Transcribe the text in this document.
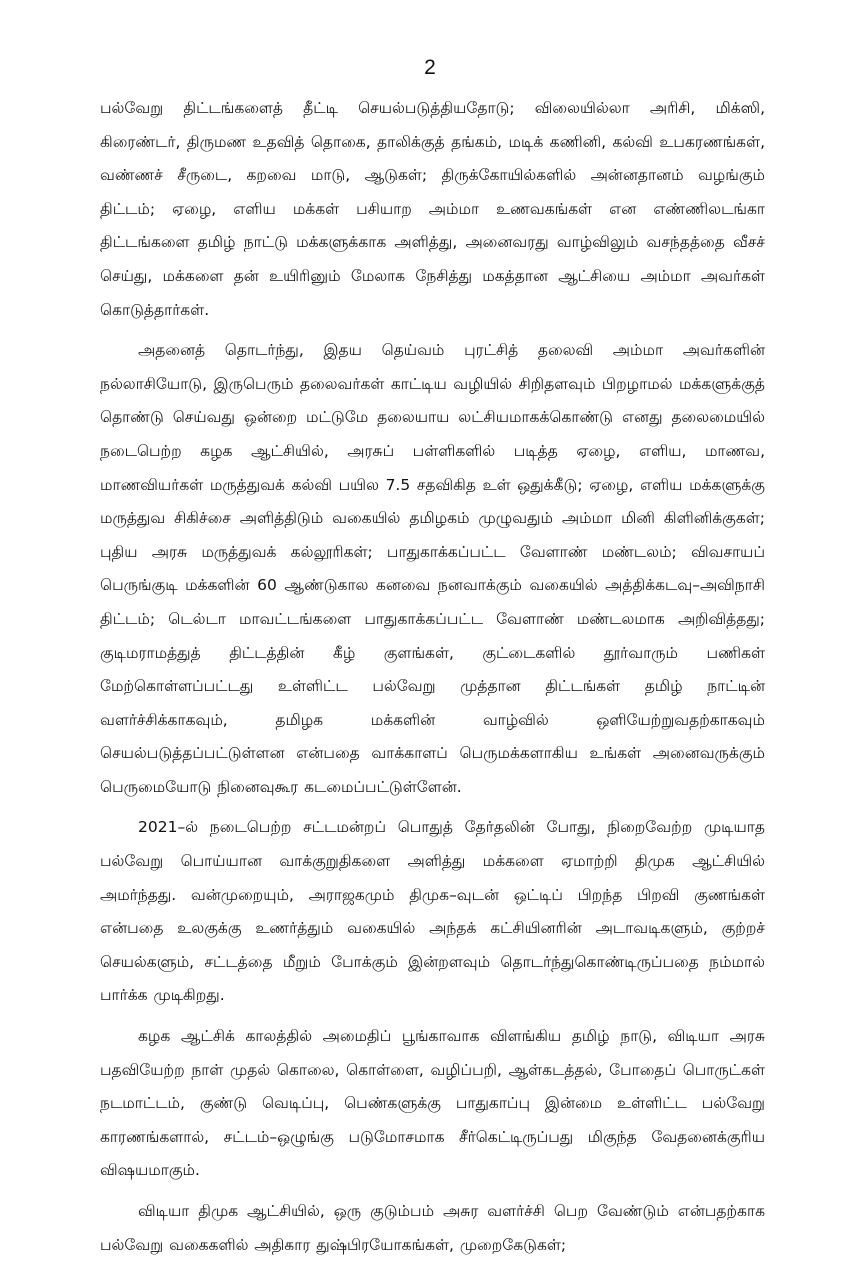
2

பல்வேறு திட்டங்களைத் தீட்டி செயல்படுத்தியதோடு; விலையில்லா அரிசி, மிக்ஸி, கிரைண்டர், திருமண உதவித் தொகை, தாலிக்குத் தங்கம், மடிக் கணினி, கல்வி உபகரணங்கள், வண்ணச் சீருடை, கறவை மாடு, ஆடுகள்; திருக்கோயில்களில் அன்னதானம் வழங்கும் திட்டம்; ஏழை, எளிய மக்கள் பசியாற அம்மா உணவகங்கள் என எண்ணிலடங்கா திட்டங்களை தமிழ் நாட்டு மக்களுக்காக அளித்து, அனைவரது வாழ்விலும் வசந்தத்தை வீசச் செய்து, மக்களை தன் உயிரினும் மேலாக நேசித்து மகத்தான ஆட்சியை அம்மா அவர்கள் கொடுத்தார்கள்.

அதனைத் தொடர்ந்து, இதய தெய்வம் புரட்சித் தலைவி அம்மா அவர்களின் நல்லாசியோடு, இருபெரும் தலைவர்கள் காட்டிய வழியில் சிறிதளவும் பிறழாமல் மக்களுக்குத் தொண்டு செய்வது ஒன்றை மட்டுமே தலையாய லட்சியமாகக்கொண்டு எனது தலைமையில் நடைபெற்ற கழக ஆட்சியில், அரசுப் பள்ளிகளில் படித்த ஏழை, எளிய, மாணவ, மாணவியர்கள் மருத்துவக் கல்வி பயில 7.5 சதவிகித உள் ஒதுக்கீடு; ஏழை, எளிய மக்களுக்கு மருத்துவ சிகிச்சை அளித்திடும் வகையில் தமிழகம் முழுவதும் அம்மா மினி கிளினிக்குகள்; புதிய அரசு மருத்துவக் கல்லூரிகள்; பாதுகாக்கப்பட்ட வேளாண் மண்டலம்; விவசாயப் பெருங்குடி மக்களின் 60 ஆண்டுகால கனவை நனவாக்கும் வகையில் அத்திக்கடவு–அவிநாசி திட்டம்; டெல்டா மாவட்டங்களை பாதுகாக்கப்பட்ட வேளாண் மண்டலமாக அறிவித்தது; குடிமராமத்துத் திட்டத்தின் கீழ் குளங்கள், குட்டைகளில் தூர்வாரும் பணிகள் மேற்கொள்ளப்பட்டது உள்ளிட்ட பல்வேறு முத்தான திட்டங்கள் தமிழ் நாட்டின் வளர்ச்சிக்காகவும், தமிழக மக்களின் வாழ்வில் ஒளியேற்றுவதற்காகவும் செயல்படுத்தப்பட்டுள்ளன என்பதை வாக்காளப் பெருமக்களாகிய உங்கள் அனைவருக்கும் பெருமையோடு நினைவுகூர கடமைப்பட்டுள்ளேன்.

2021–ல் நடைபெற்ற சட்டமன்றப் பொதுத் தேர்தலின் போது, நிறைவேற்ற முடியாத பல்வேறு பொய்யான வாக்குறுதிகளை அளித்து மக்களை ஏமாற்றி திமுக ஆட்சியில் அமர்ந்தது. வன்முறையும், அராஜகமும் திமுக–வுடன் ஒட்டிப் பிறந்த பிறவி குணங்கள் என்பதை உலகுக்கு உணர்த்தும் வகையில் அந்தக் கட்சியினரின் அடாவடிகளும், குற்றச் செயல்களும், சட்டத்தை மீறும் போக்கும் இன்றளவும் தொடர்ந்துகொண்டிருப்பதை நம்மால் பார்க்க முடிகிறது.

கழக ஆட்சிக் காலத்தில் அமைதிப் பூங்காவாக விளங்கிய தமிழ் நாடு, விடியா அரசு பதவியேற்ற நாள் முதல் கொலை, கொள்ளை, வழிப்பறி, ஆள்கடத்தல், போதைப் பொருட்கள் நடமாட்டம், குண்டு வெடிப்பு, பெண்களுக்கு பாதுகாப்பு இன்மை உள்ளிட்ட பல்வேறு காரணங்களால், சட்டம்–ஒழுங்கு படுமோசமாக சீர்கெட்டிருப்பது மிகுந்த வேதனைக்குரிய விஷயமாகும்.

விடியா திமுக ஆட்சியில், ஒரு குடும்பம் அசுர வளர்ச்சி பெற வேண்டும் என்பதற்காக பல்வேறு வகைகளில் அதிகார துஷ்பிரயோகங்கள், முறைகேடுகள்;
